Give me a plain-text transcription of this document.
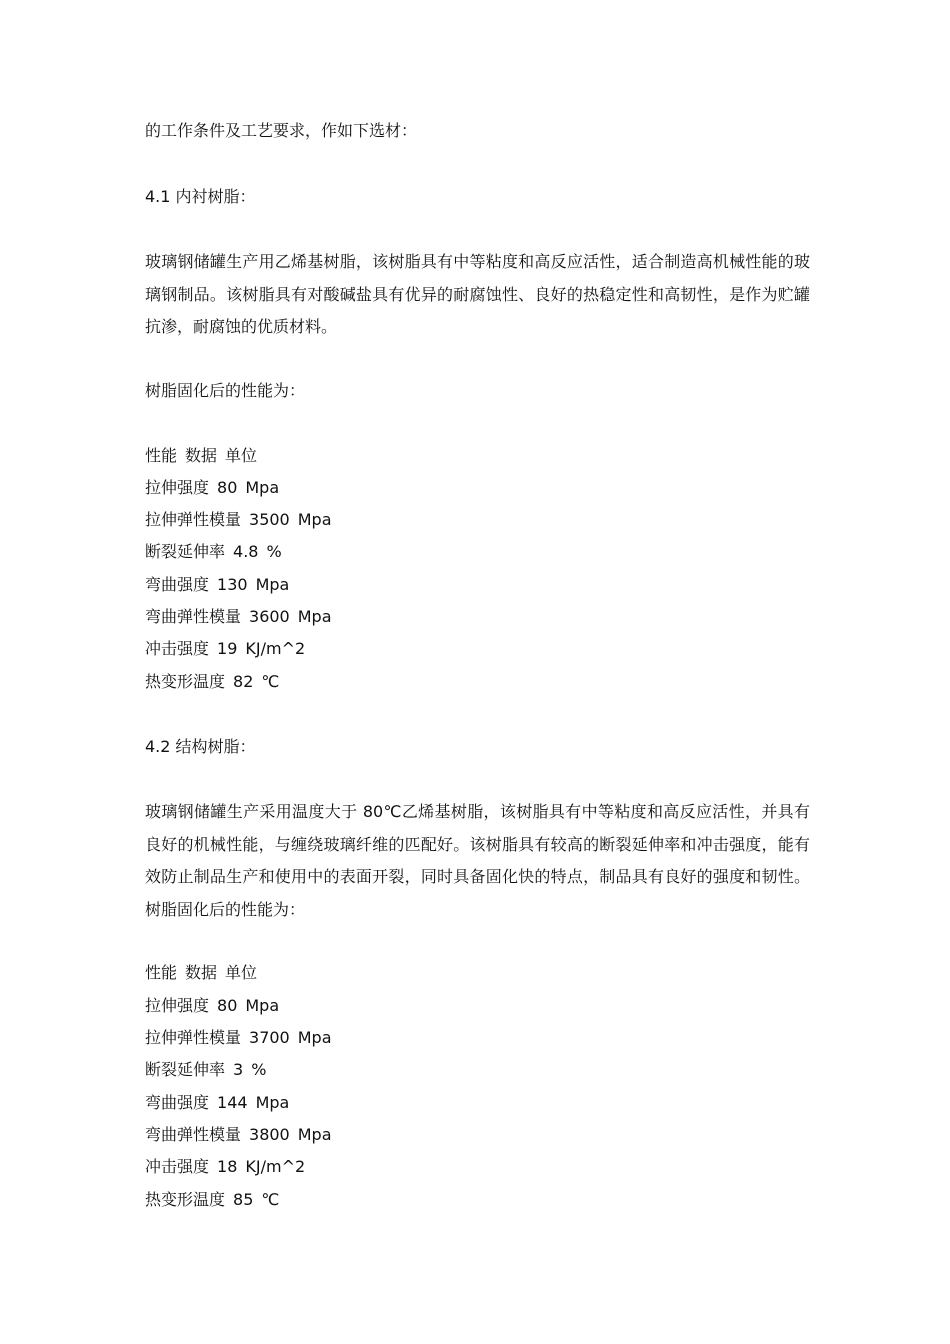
的工作条件及工艺要求，作如下选材：
4.1 内衬树脂：
玻璃钢储罐生产用乙烯基树脂，该树脂具有中等粘度和高反应活性，适合制造高机械性能的玻璃钢制品。该树脂具有对酸碱盐具有优异的耐腐蚀性、良好的热稳定性和高韧性，是作为贮罐抗渗，耐腐蚀的优质材料。
树脂固化后的性能为：
性能 数据 单位
拉伸强度 80 Mpa
拉伸弹性模量 3500 Mpa
断裂延伸率 4.8 %
弯曲强度 130 Mpa
弯曲弹性模量 3600 Mpa
冲击强度 19 KJ/m^2
热变形温度 82 ℃
4.2 结构树脂：
玻璃钢储罐生产采用温度大于 80℃乙烯基树脂，该树脂具有中等粘度和高反应活性，并具有良好的机械性能，与缠绕玻璃纤维的匹配好。该树脂具有较高的断裂延伸率和冲击强度，能有效防止制品生产和使用中的表面开裂，同时具备固化快的特点，制品具有良好的强度和韧性。树脂固化后的性能为：
性能 数据 单位
拉伸强度 80 Mpa
拉伸弹性模量 3700 Mpa
断裂延伸率 3 %
弯曲强度 144 Mpa
弯曲弹性模量 3800 Mpa
冲击强度 18 KJ/m^2
热变形温度 85 ℃
